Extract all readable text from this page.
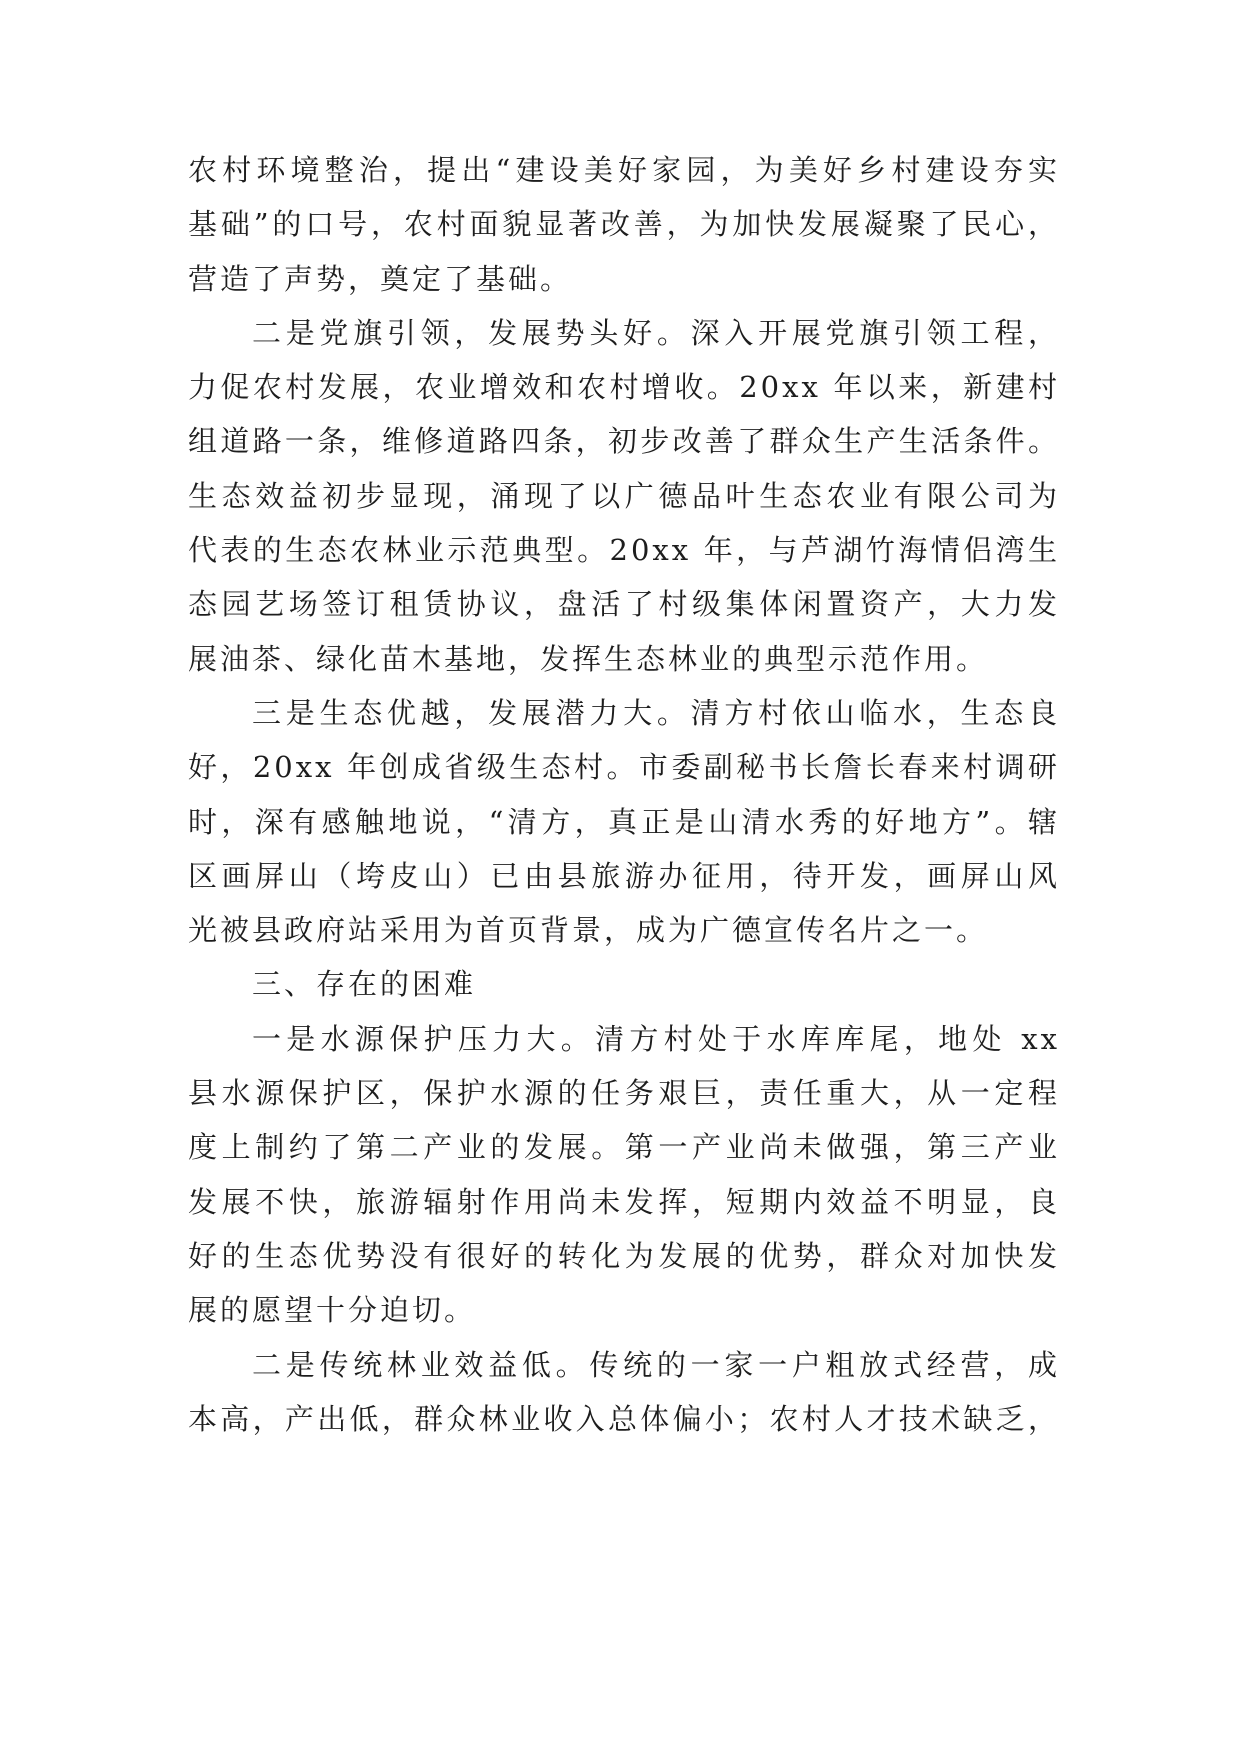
农村环境整治，提出“建设美好家园，为美好乡村建设夯实
基础”的口号，农村面貌显著改善，为加快发展凝聚了民心，
营造了声势，奠定了基础。
二是党旗引领，发展势头好。深入开展党旗引领工程，
力促农村发展，农业增效和农村增收。20xx 年以来，新建村
组道路一条，维修道路四条，初步改善了群众生产生活条件。
生态效益初步显现，涌现了以广德品叶生态农业有限公司为
代表的生态农林业示范典型。20xx 年，与芦湖竹海情侣湾生
态园艺场签订租赁协议，盘活了村级集体闲置资产，大力发
展油茶、绿化苗木基地，发挥生态林业的典型示范作用。
三是生态优越，发展潜力大。清方村依山临水，生态良
好，20xx 年创成省级生态村。市委副秘书长詹长春来村调研
时，深有感触地说，“清方，真正是山清水秀的好地方”。辖
区画屏山（垮皮山）已由县旅游办征用，待开发，画屏山风
光被县政府站采用为首页背景，成为广德宣传名片之一。
三、存在的困难
一是水源保护压力大。清方村处于水库库尾，地处 xx
县水源保护区，保护水源的任务艰巨，责任重大，从一定程
度上制约了第二产业的发展。第一产业尚未做强，第三产业
发展不快，旅游辐射作用尚未发挥，短期内效益不明显，良
好的生态优势没有很好的转化为发展的优势，群众对加快发
展的愿望十分迫切。
二是传统林业效益低。传统的一家一户粗放式经营，成
本高，产出低，群众林业收入总体偏小；农村人才技术缺乏，
